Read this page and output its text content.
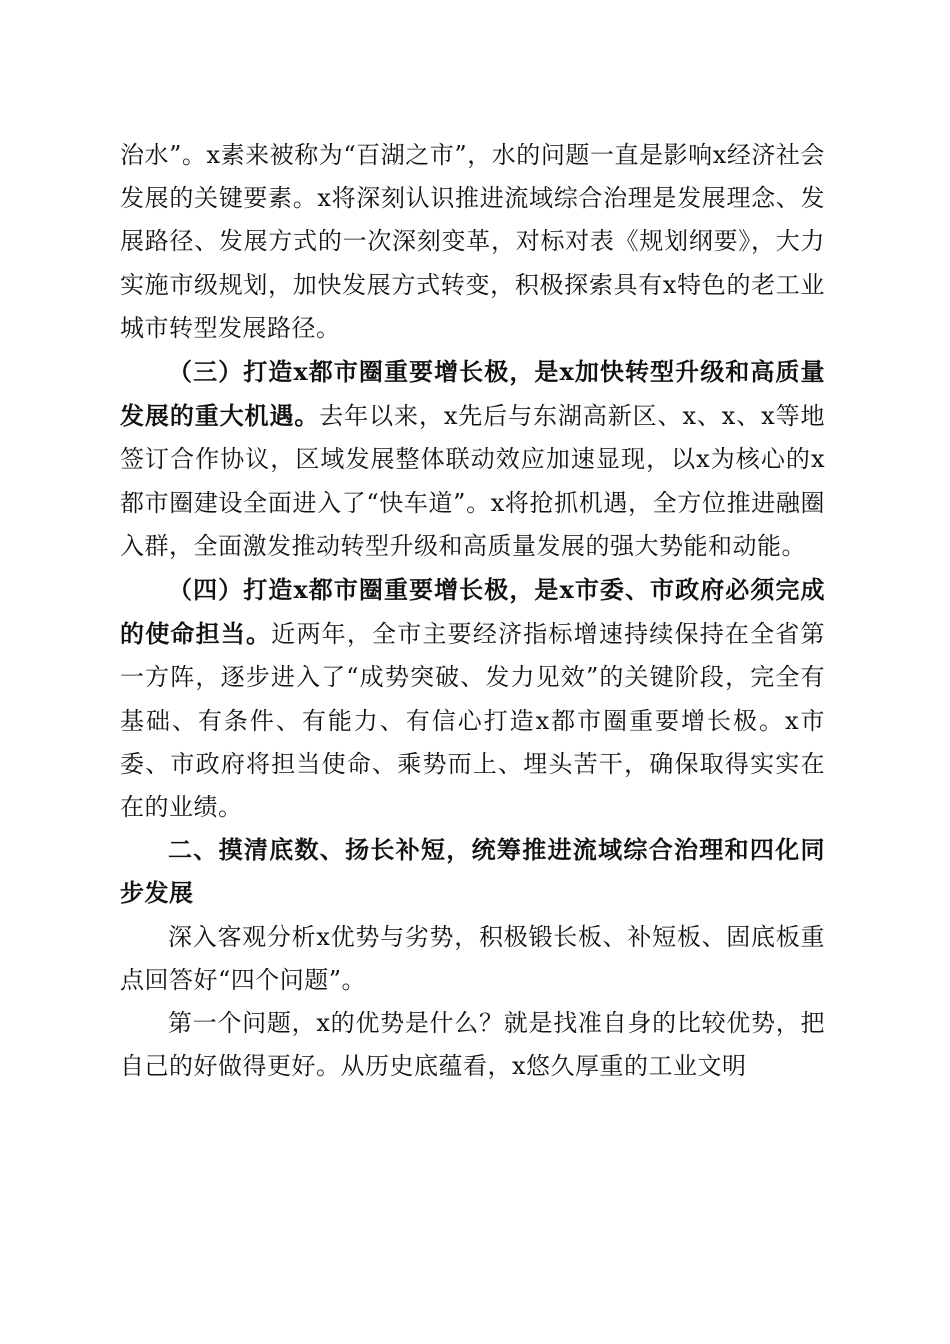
治水”。x素来被称为“百湖之市”，水的问题一直是影响x经济社会发展的关键要素。x将深刻认识推进流域综合治理是发展理念、发展路径、发展方式的一次深刻变革，对标对表《规划纲要》，大力实施市级规划，加快发展方式转变，积极探索具有x特色的老工业城市转型发展路径。

（三）打造x都市圈重要增长极，是x加快转型升级和高质量发展的重大机遇。去年以来，x先后与东湖高新区、x、x、x等地签订合作协议，区域发展整体联动效应加速显现，以x为核心的x都市圈建设全面进入了“快车道”。x将抢抓机遇，全方位推进融圈入群，全面激发推动转型升级和高质量发展的强大势能和动能。

（四）打造x都市圈重要增长极，是x市委、市政府必须完成的使命担当。近两年，全市主要经济指标增速持续保持在全省第一方阵，逐步进入了“成势突破、发力见效”的关键阶段，完全有基础、有条件、有能力、有信心打造x都市圈重要增长极。x市委、市政府将担当使命、乘势而上、埋头苦干，确保取得实实在在的业绩。

二、摸清底数、扬长补短，统筹推进流域综合治理和四化同步发展

深入客观分析x优势与劣势，积极锻长板、补短板、固底板重点回答好“四个问题”。

第一个问题，x的优势是什么？就是找准自身的比较优势，把自己的好做得更好。从历史底蕴看，x悠久厚重的工业文明
